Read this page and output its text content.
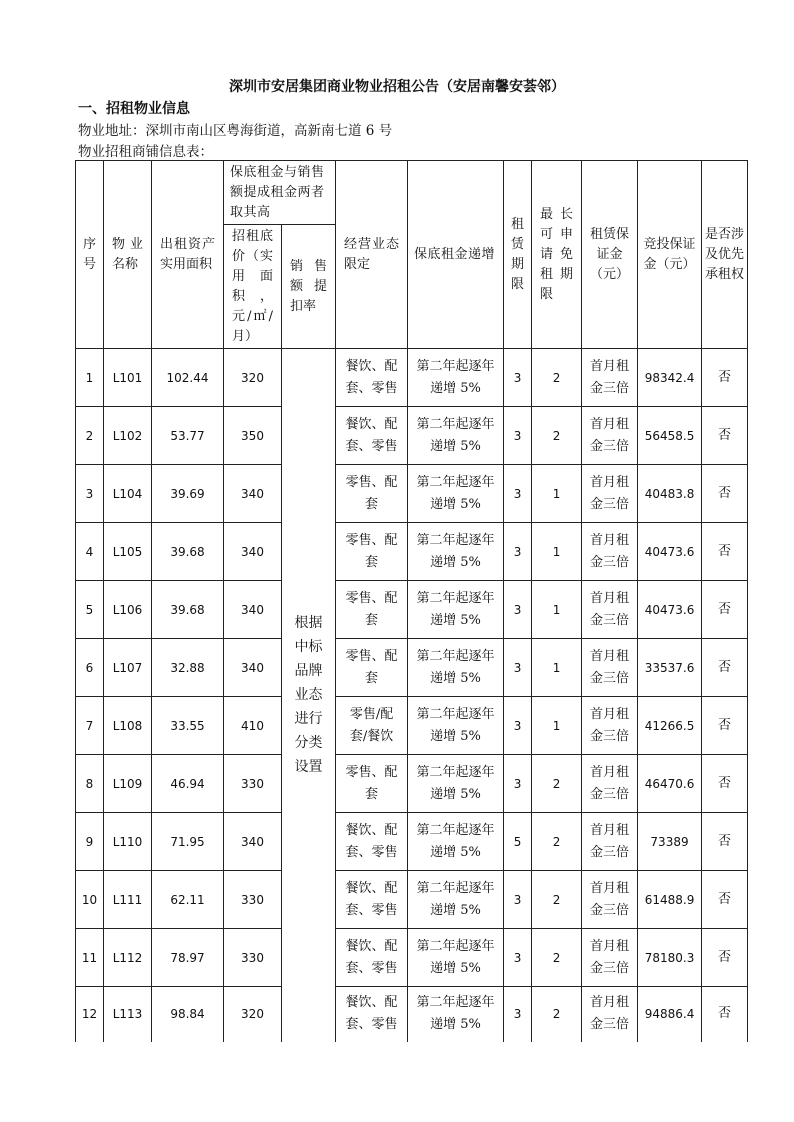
深圳市安居集团商业物业招租公告（安居南馨安荟邻）
一、招租物业信息
物业地址：深圳市南山区粤海街道，高新南七道 6 号
物业招租商铺信息表：
序号	物业名称	出租资产实用面积	保底租金与销售额提成租金两者取其高		经营业态限定	保底租金递增	租赁期限	最长可申请免租期限	租赁保证金（元）	竞投保证金（元）	是否涉及优先承租权
			招租底价（实用面积，元/㎡/月）	销售额提扣率							
1	L101	102.44	320	根据中标品牌业态进行分类设置	餐饮、配套、零售	第二年起逐年递增 5%	3	2	首月租金三倍	98342.4	否
2	L102	53.77	350		餐饮、配套、零售	第二年起逐年递增 5%	3	2	首月租金三倍	56458.5	否
3	L104	39.69	340		零售、配套	第二年起逐年递增 5%	3	1	首月租金三倍	40483.8	否
4	L105	39.68	340		零售、配套	第二年起逐年递增 5%	3	1	首月租金三倍	40473.6	否
5	L106	39.68	340		零售、配套	第二年起逐年递增 5%	3	1	首月租金三倍	40473.6	否
6	L107	32.88	340		零售、配套	第二年起逐年递增 5%	3	1	首月租金三倍	33537.6	否
7	L108	33.55	410		零售/配套/餐饮	第二年起逐年递增 5%	3	1	首月租金三倍	41266.5	否
8	L109	46.94	330		零售、配套	第二年起逐年递增 5%	3	2	首月租金三倍	46470.6	否
9	L110	71.95	340		餐饮、配套、零售	第二年起逐年递增 5%	5	2	首月租金三倍	73389	否
10	L111	62.11	330		餐饮、配套、零售	第二年起逐年递增 5%	3	2	首月租金三倍	61488.9	否
11	L112	78.97	330		餐饮、配套、零售	第二年起逐年递增 5%	3	2	首月租金三倍	78180.3	否
12	L113	98.84	320		餐饮、配套、零售	第二年起逐年递增 5%	3	2	首月租金三倍	94886.4	否
